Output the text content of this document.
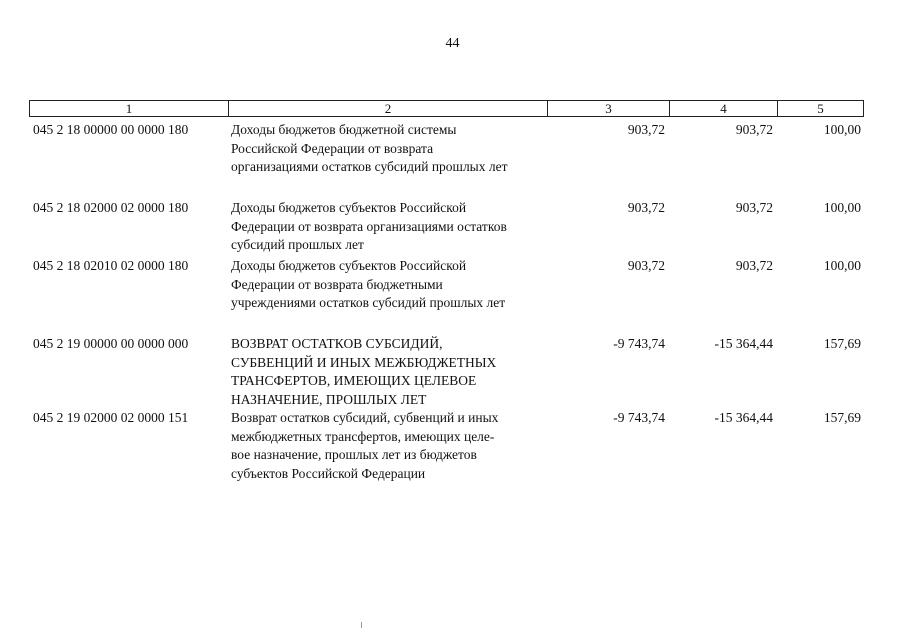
44
1	2	3	4	5
045 2 18 00000 00 0000 180	Доходы бюджетов бюджетной системы
Российской Федерации от возврата
организациями остатков субсидий прошлых лет
903,72	903,72	100,00
045 2 18 02000 02 0000 180	Доходы бюджетов субъектов Российской
Федерации от возврата организациями остатков
субсидий прошлых лет
903,72	903,72	100,00
045 2 18 02010 02 0000 180	Доходы бюджетов субъектов Российской
Федерации от возврата бюджетными
учреждениями остатков субсидий прошлых лет
903,72	903,72	100,00
045 2 19 00000 00 0000 000	ВОЗВРАТ ОСТАТКОВ СУБСИДИЙ,
СУБВЕНЦИЙ И ИНЫХ МЕЖБЮДЖЕТНЫХ
ТРАНСФЕРТОВ, ИМЕЮЩИХ ЦЕЛЕВОЕ
НАЗНАЧЕНИЕ, ПРОШЛЫХ ЛЕТ
-9 743,74	-15 364,44	157,69
045 2 19 02000 02 0000 151	Возврат остатков субсидий, субвенций и иных
межбюджетных трансфертов, имеющих целе-
вое назначение, прошлых лет из бюджетов
субъектов Российской Федерации
-9 743,74	-15 364,44	157,69
